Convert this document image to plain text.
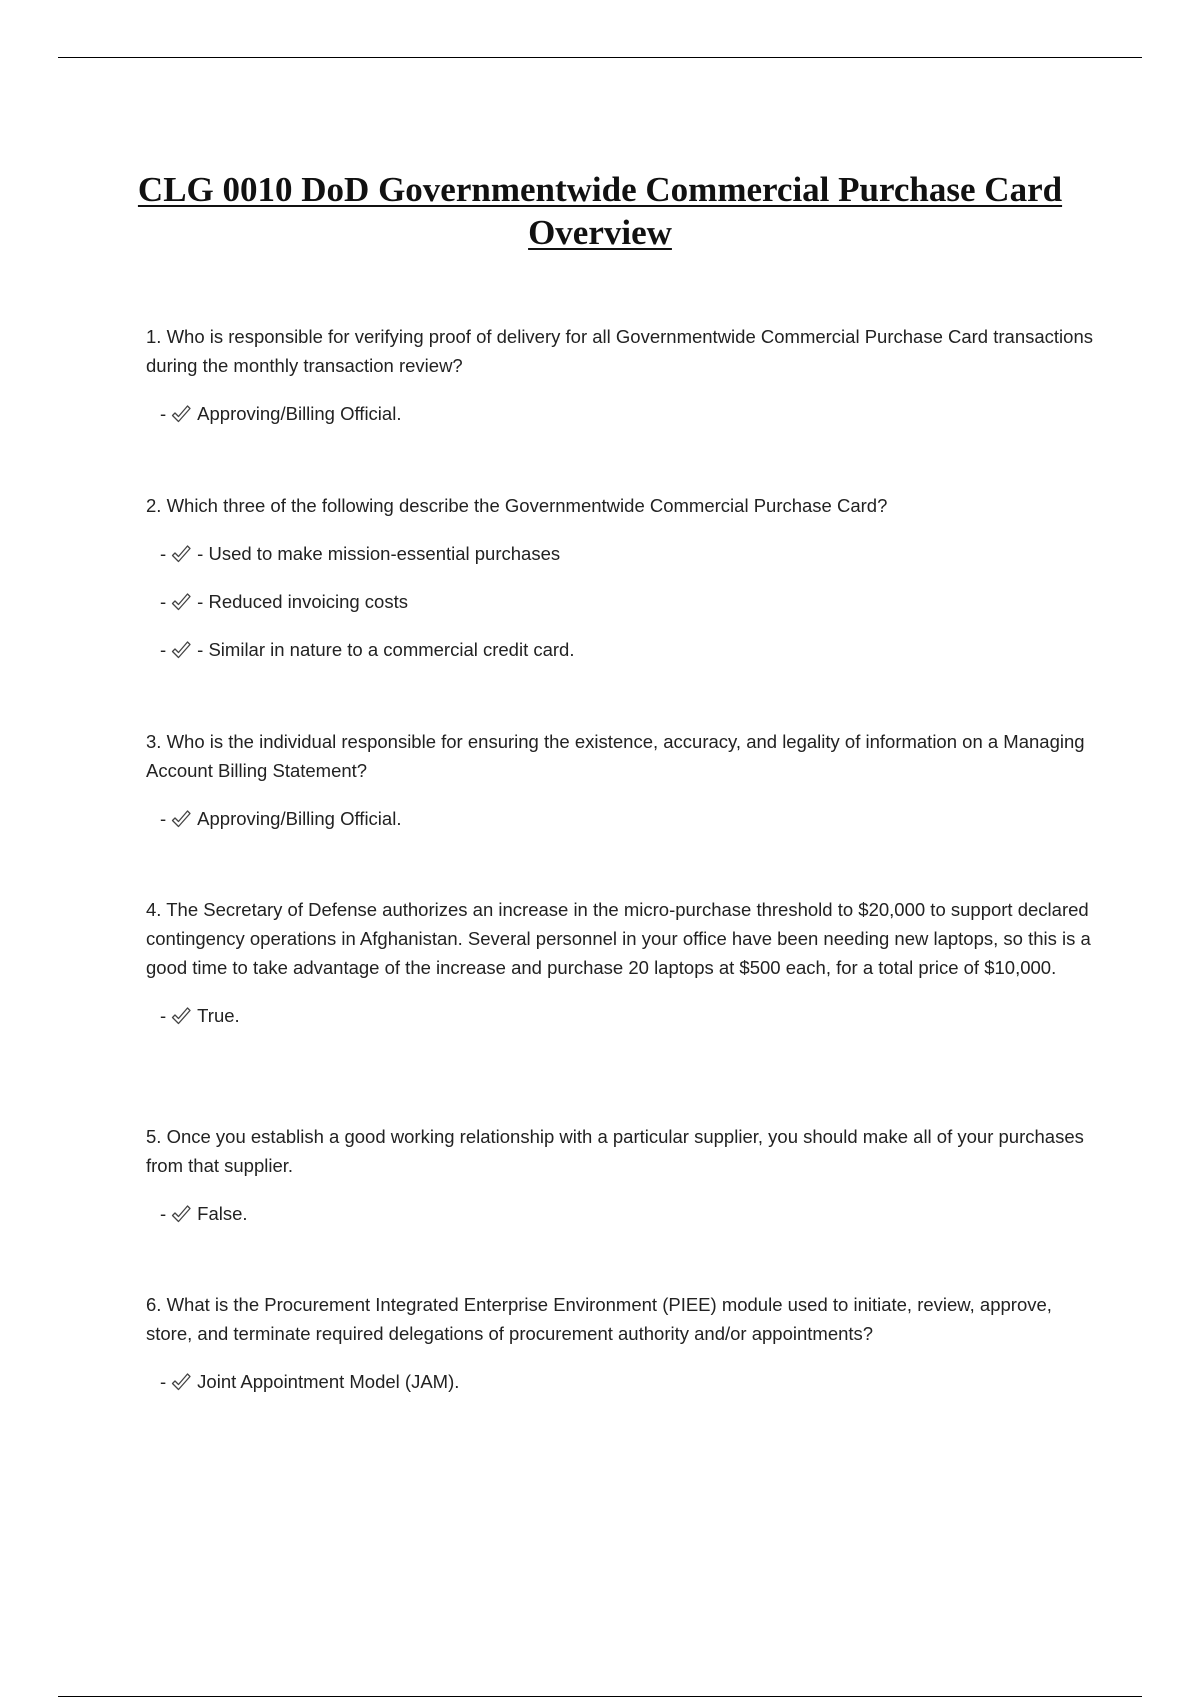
CLG 0010 DoD Governmentwide Commercial Purchase Card Overview

1. Who is responsible for verifying proof of delivery for all Governmentwide Commercial Purchase Card transactions during the monthly transaction review?

- Approving/Billing Official.

2. Which three of the following describe the Governmentwide Commercial Purchase Card?

- - Used to make mission-essential purchases
- - Reduced invoicing costs
- - Similar in nature to a commercial credit card.

3. Who is the individual responsible for ensuring the existence, accuracy, and legality of information on a Managing Account Billing Statement?

- Approving/Billing Official.

4. The Secretary of Defense authorizes an increase in the micro-purchase threshold to $20,000 to support declared contingency operations in Afghanistan. Several personnel in your office have been needing new laptops, so this is a good time to take advantage of the increase and purchase 20 laptops at $500 each, for a total price of $10,000.

- True.

5. Once you establish a good working relationship with a particular supplier, you should make all of your purchases from that supplier.

- False.

6. What is the Procurement Integrated Enterprise Environment (PIEE) module used to initiate, review, approve, store, and terminate required delegations of procurement authority and/or appointments?

- Joint Appointment Model (JAM).
